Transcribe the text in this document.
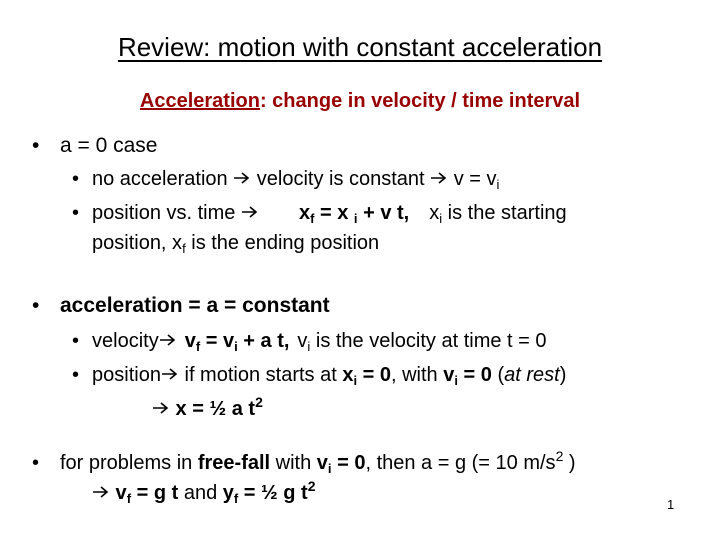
Review: motion with constant acceleration
Acceleration: change in velocity / time interval
• a = 0 case
• no acceleration  velocity is constant  $v = v_i$
• position vs. time	$x_f = x$ $_i$ + v t, $x_i$ is the starting
position, $x_f$ is the ending position
• acceleration = a = constant
• velocity $v_f = v_i + a$ t, $v_i$ is the velocity at time t = 0
• position if motion starts at $x_i = 0$, with $v_i = 0$ (at rest)
x = ½ a $t^2$
• for problems in free-fall with $v_i = 0$, then a = g (= 10 $m/s^2$ )
$v_f = g$ t and $y_f$ = ½ g $t^2$
1
